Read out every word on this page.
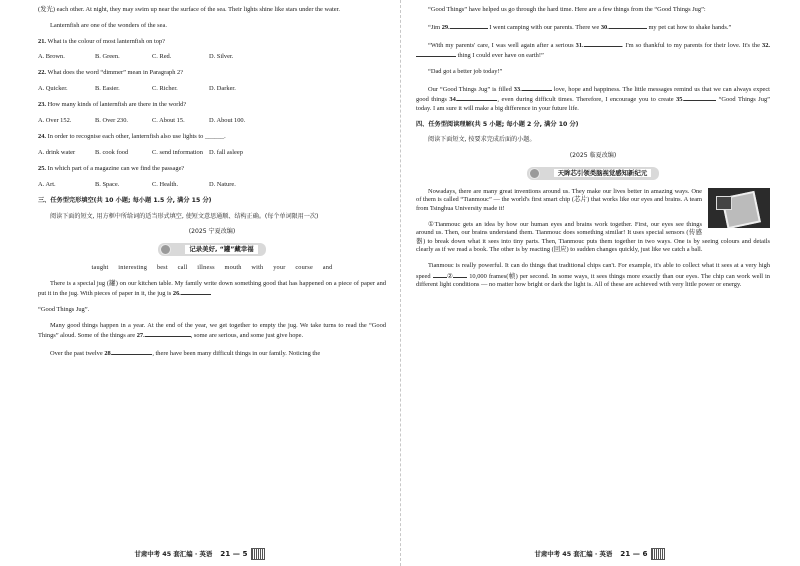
(发光) each other. At night, they may swim up near the surface of the sea. Their lights shine like stars under the water.

Lanternfish are one of the wonders of the sea.

21. What is the colour of most lanternfish on top?

A. Brown.	B. Green.	C. Red.	D. Silver.

22. What does the word “dimmer” mean in Paragraph 2?

A. Quicker.	B. Easier.	C. Richer.	D. Darker.

23. How many kinds of lanternfish are there in the world?

A. Over 152.	B. Over 230.	C. About 15.	D. About 100.

24. In order to recognise each other, lanternfish also use lights to ______.

A. drink water	B. cook food	C. send information D. fall asleep

25. In which part of a magazine can we find the passage?

A. Art.	B. Space.	C. Health.	D. Nature.
三、任务型完形填空(共 10 小题; 每小题 1.5 分, 满分 15 分)

阅读下面的短文, 用方框中所给词的适当形式填空, 使短文意思通顺、结构正确。(每个单词限用一次)

(2025 宁夏改编)
记录美好, “罐”藏幸福
taught interesting best call illness mouth with your course and

There is a special jug (罐) on our kitchen table. My family write down something good that has happened on a piece of paper and put it in the jug. With pieces of paper in it, the jug is 26.

“Good Things Jug”.

Many good things happen in a year. At the end of the year, we get together to empty the jug. We take turns to read the “Good Things” aloud. Some of the things are 27.	, some are serious, and some just give hope.

Over the past twelve 28.	, there have been many difficult things in our family. Noticing the

甘肃中考 45 套汇编 · 英语 21 — 5

“Good Things” have helped us go through the hard time. Here are a few things from the “Good Things Jug”:

“Jim 29.	I went camping with our parents. There we 30.	my pet cat how to shake hands.”

“With my parents' care, I was well again after a serious 31.	. I'm so thankful to my parents for their love. It's the 32. thing I could ever have on earth!”

“Dad got a better job today!”

Our “Good Things Jug” is filled 33.	love, hope and happiness. The little messages remind us that we can always expect good things 34.	, even during difficult times. Therefore, I encourage you to create 35.	“Good Things Jug” today. I am sure it will make a big difference in your future life.

四、任务型阅读理解(共 5 小题; 每小题 2 分, 满分 10 分)

阅读下面短文, 按要求完成后面的小题。

(2025 临夏改编)
天眸芯引领类脑视觉感知新纪元

Nowadays, there are many great inventions around us. They make our lives better in amazing ways. One of them is called “Tianmouc” — the world's first smart chip (芯片) that works like our eyes and brains. A team from Tsinghua University made it!

①Tianmouc gets an idea by how our human eyes and brains work together. First, our eyes see things around us. Then, our brains understand them. Tianmouc does something similar! It uses special sensors (传感器) to break down what it sees into tiny parts. Then, Tianmouc puts them together in two ways. One is by seeing colours and details clearly as if we read a book. The other is by reacting (回应) to sudden changes quickly, just like we catch a ball.

Tianmouc is really powerful. It can do things that traditional chips can't. For example, it's able to collect what it sees at a very high speed	②	10,000 frames(帧) per second. In some ways, it sees things more exactly than our eyes. The chip can work well in different light conditions — no matter how bright or dark the light is. All of these are achieved with very little power or energy.

甘肃中考 45 套汇编 · 英语 21 — 6
